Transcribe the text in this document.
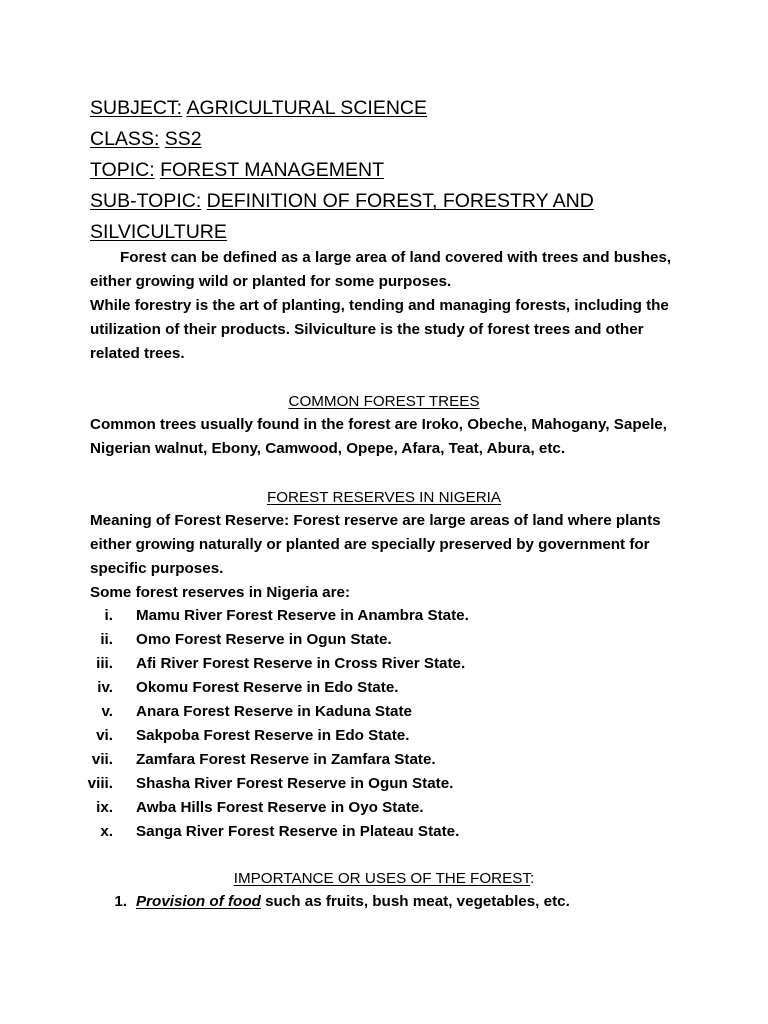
SUBJECT: AGRICULTURAL SCIENCE
CLASS: SS2
TOPIC: FOREST MANAGEMENT
SUB-TOPIC: DEFINITION OF FOREST, FORESTRY AND
SILVICULTURE
Forest can be defined as a large area of land covered with trees and bushes, either growing wild or planted for some purposes.
While forestry is the art of planting, tending and managing forests, including the utilization of their products. Silviculture is the study of forest trees and other related trees.
COMMON FOREST TREES
Common trees usually found in the forest are Iroko, Obeche, Mahogany, Sapele, Nigerian walnut, Ebony, Camwood, Opepe, Afara, Teat, Abura, etc.
FOREST RESERVES IN NIGERIA
Meaning of Forest Reserve: Forest reserve are large areas of land where plants either growing naturally or planted are specially preserved by government for specific purposes.
Some forest reserves in Nigeria are:
i. Mamu River Forest Reserve in Anambra State.
ii. Omo Forest Reserve in Ogun State.
iii. Afi River Forest Reserve in Cross River State.
iv. Okomu Forest Reserve in Edo State.
v. Anara Forest Reserve in Kaduna State
vi. Sakpoba Forest Reserve in Edo State.
vii. Zamfara Forest Reserve in Zamfara State.
viii. Shasha River Forest Reserve in Ogun State.
ix. Awba Hills Forest Reserve in Oyo State.
x. Sanga River Forest Reserve in Plateau State.
IMPORTANCE OR USES OF THE FOREST:
1. Provision of food such as fruits, bush meat, vegetables, etc.
